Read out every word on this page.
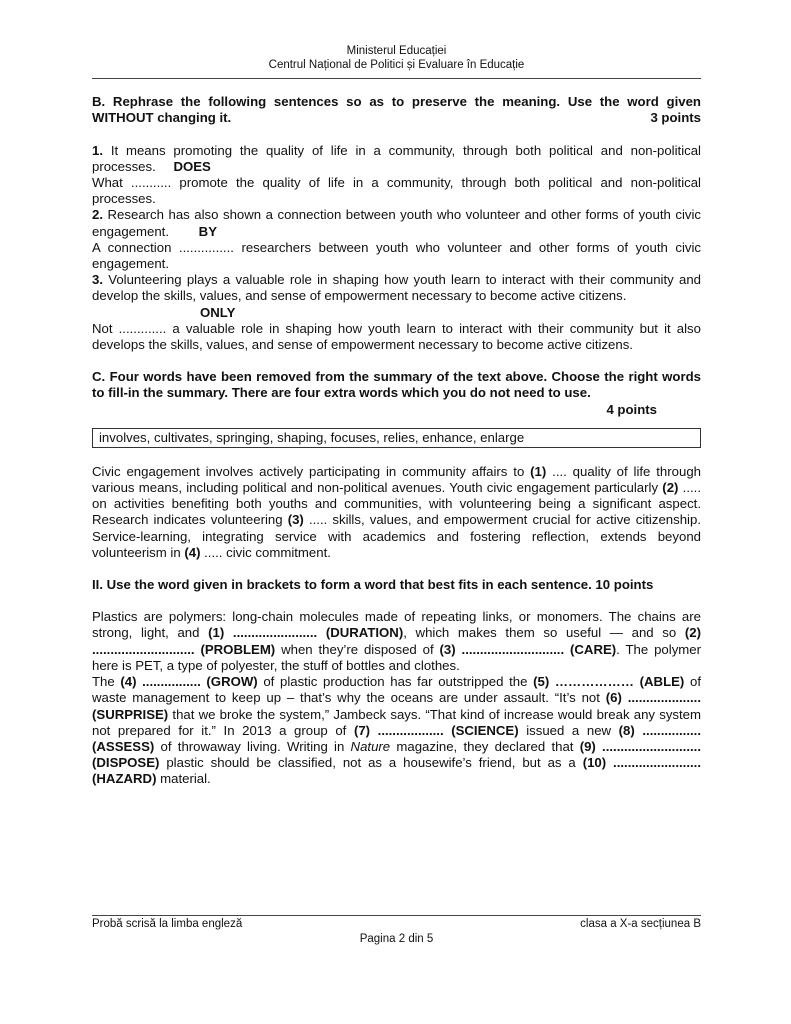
Ministerul Educației
Centrul Național de Politici și Evaluare în Educație

B. Rephrase the following sentences so as to preserve the meaning. Use the word given WITHOUT changing it.	3 points

1. It means promoting the quality of life in a community, through both political and non-political processes. DOES

What ........... promote the quality of life in a community, through both political and non-political processes.

2. Research has also shown a connection between youth who volunteer and other forms of youth civic engagement. BY

A connection ............... researchers between youth who volunteer and other forms of youth civic engagement.

3. Volunteering plays a valuable role in shaping how youth learn to interact with their community and develop the skills, values, and sense of empowerment necessary to become active citizens.

ONLY

Not ............. a valuable role in shaping how youth learn to interact with their community but it also develops the skills, values, and sense of empowerment necessary to become active citizens.

C. Four words have been removed from the summary of the text above. Choose the right words to fill-in the summary. There are four extra words which you do not need to use.

4 points

involves, cultivates, springing, shaping, focuses, relies, enhance, enlarge

Civic engagement involves actively participating in community affairs to (1) .... quality of life through various means, including political and non-political avenues. Youth civic engagement particularly (2) ..... on activities benefiting both youths and communities, with volunteering being a significant aspect. Research indicates volunteering (3) ..... skills, values, and empowerment crucial for active citizenship. Service-learning, integrating service with academics and fostering reflection, extends beyond volunteerism in (4) ..... civic commitment.

II. Use the word given in brackets to form a word that best fits in each sentence. 10 points

Plastics are polymers: long-chain molecules made of repeating links, or monomers. The chains are strong, light, and (1) ....................... (DURATION), which makes them so useful — and so (2) ............................ (PROBLEM) when they’re disposed of (3) ............................ (CARE). The polymer here is PET, a type of polyester, the stuff of bottles and clothes.

The (4) ................ (GROW) of plastic production has far outstripped the (5) ……………… (ABLE) of waste management to keep up – that’s why the oceans are under assault. “It’s not (6) .................... (SURPRISE) that we broke the system,” Jambeck says. “That kind of increase would break any system not prepared for it.” In 2013 a group of (7) .................. (SCIENCE) issued a new (8) ................ (ASSESS) of throwaway living. Writing in Nature magazine, they declared that (9) ........................... (DISPOSE) plastic should be classified, not as a housewife’s friend, but as a (10) ........................ (HAZARD) material.

Probă scrisă la limba engleză	clasa a X-a secțiunea B
Pagina 2 din 5
